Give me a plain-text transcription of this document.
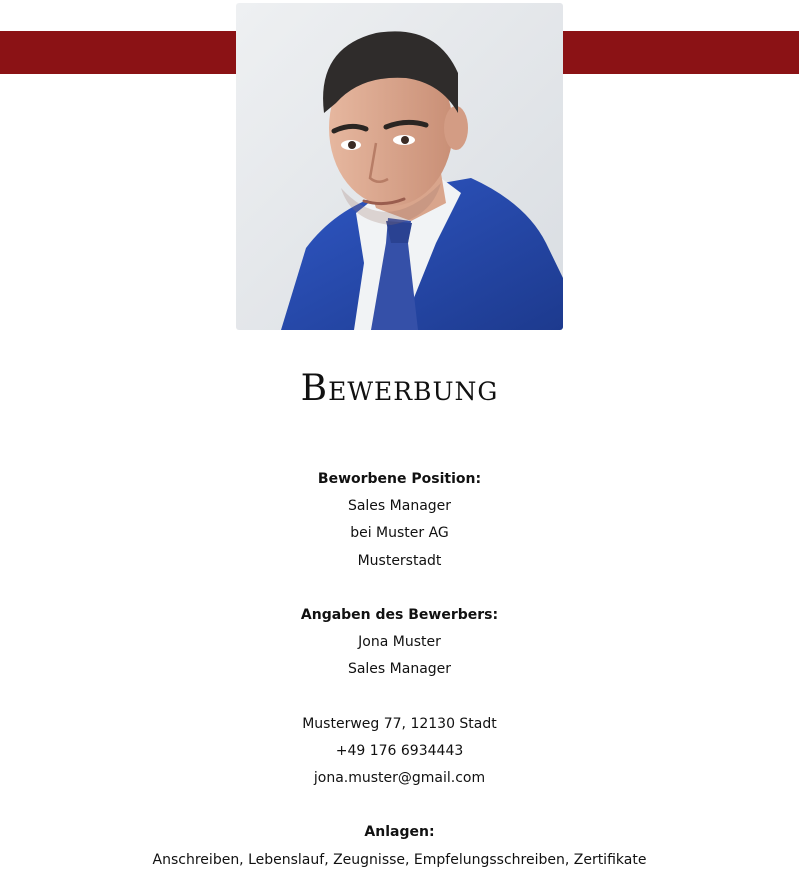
Bewerbung
Beworbene Position:
Sales Manager
bei Muster AG
Musterstadt
Angaben des Bewerbers:
Jona Muster
Sales Manager
Musterweg 77, 12130 Stadt
+49 176 6934443
jona.muster@gmail.com
Anlagen:
Anschreiben, Lebenslauf, Zeugnisse, Empfelungsschreiben, Zertifikate
